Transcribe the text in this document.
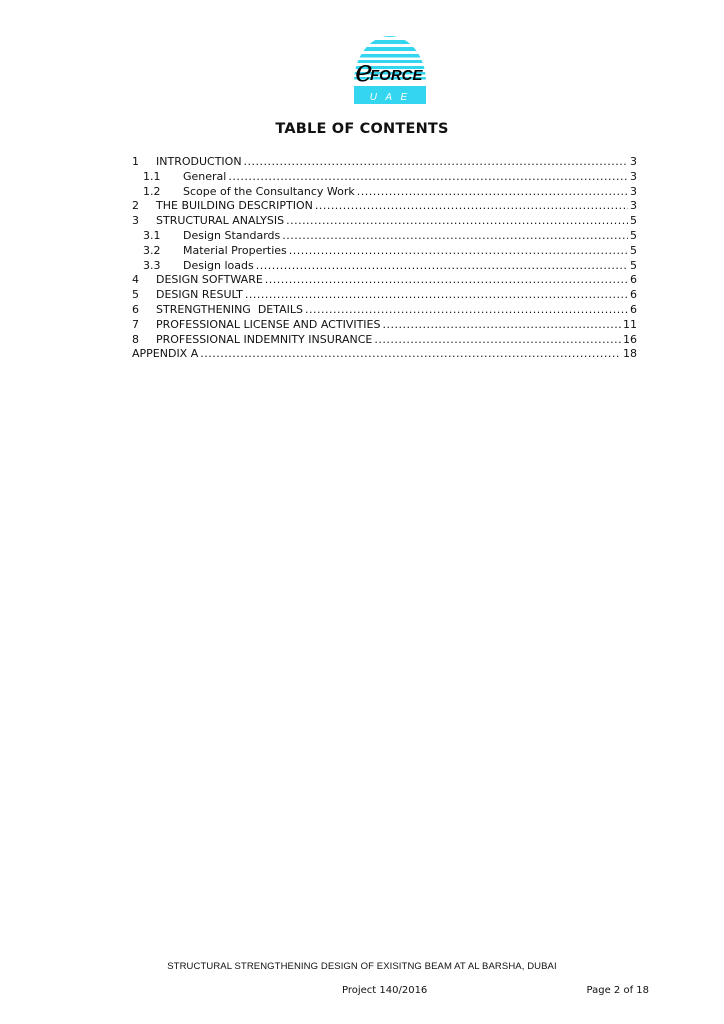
e
FORCE
U A E
TABLE OF CONTENTS
1	INTRODUCTION .....	3
1.1	General .....	3
1.2	Scope of the Consultancy Work .....	3
2	THE BUILDING DESCRIPTION .....	3
3	STRUCTURAL ANALYSIS .....	5
3.1	Design Standards .....	5
3.2	Material Properties .....	5
3.3	Design loads .....	5
4	DESIGN SOFTWARE .....	6
5	DESIGN RESULT .....	6
6	STRENGTHENING  DETAILS .....	6
7	PROFESSIONAL LICENSE AND ACTIVITIES .....	11
8	PROFESSIONAL INDEMNITY INSURANCE .....	16
APPENDIX A .....	18
STRUCTURAL STRENGTHENING DESIGN OF EXISITNG BEAM AT AL BARSHA, DUBAI
Project 140/2016	Page 2 of 18
